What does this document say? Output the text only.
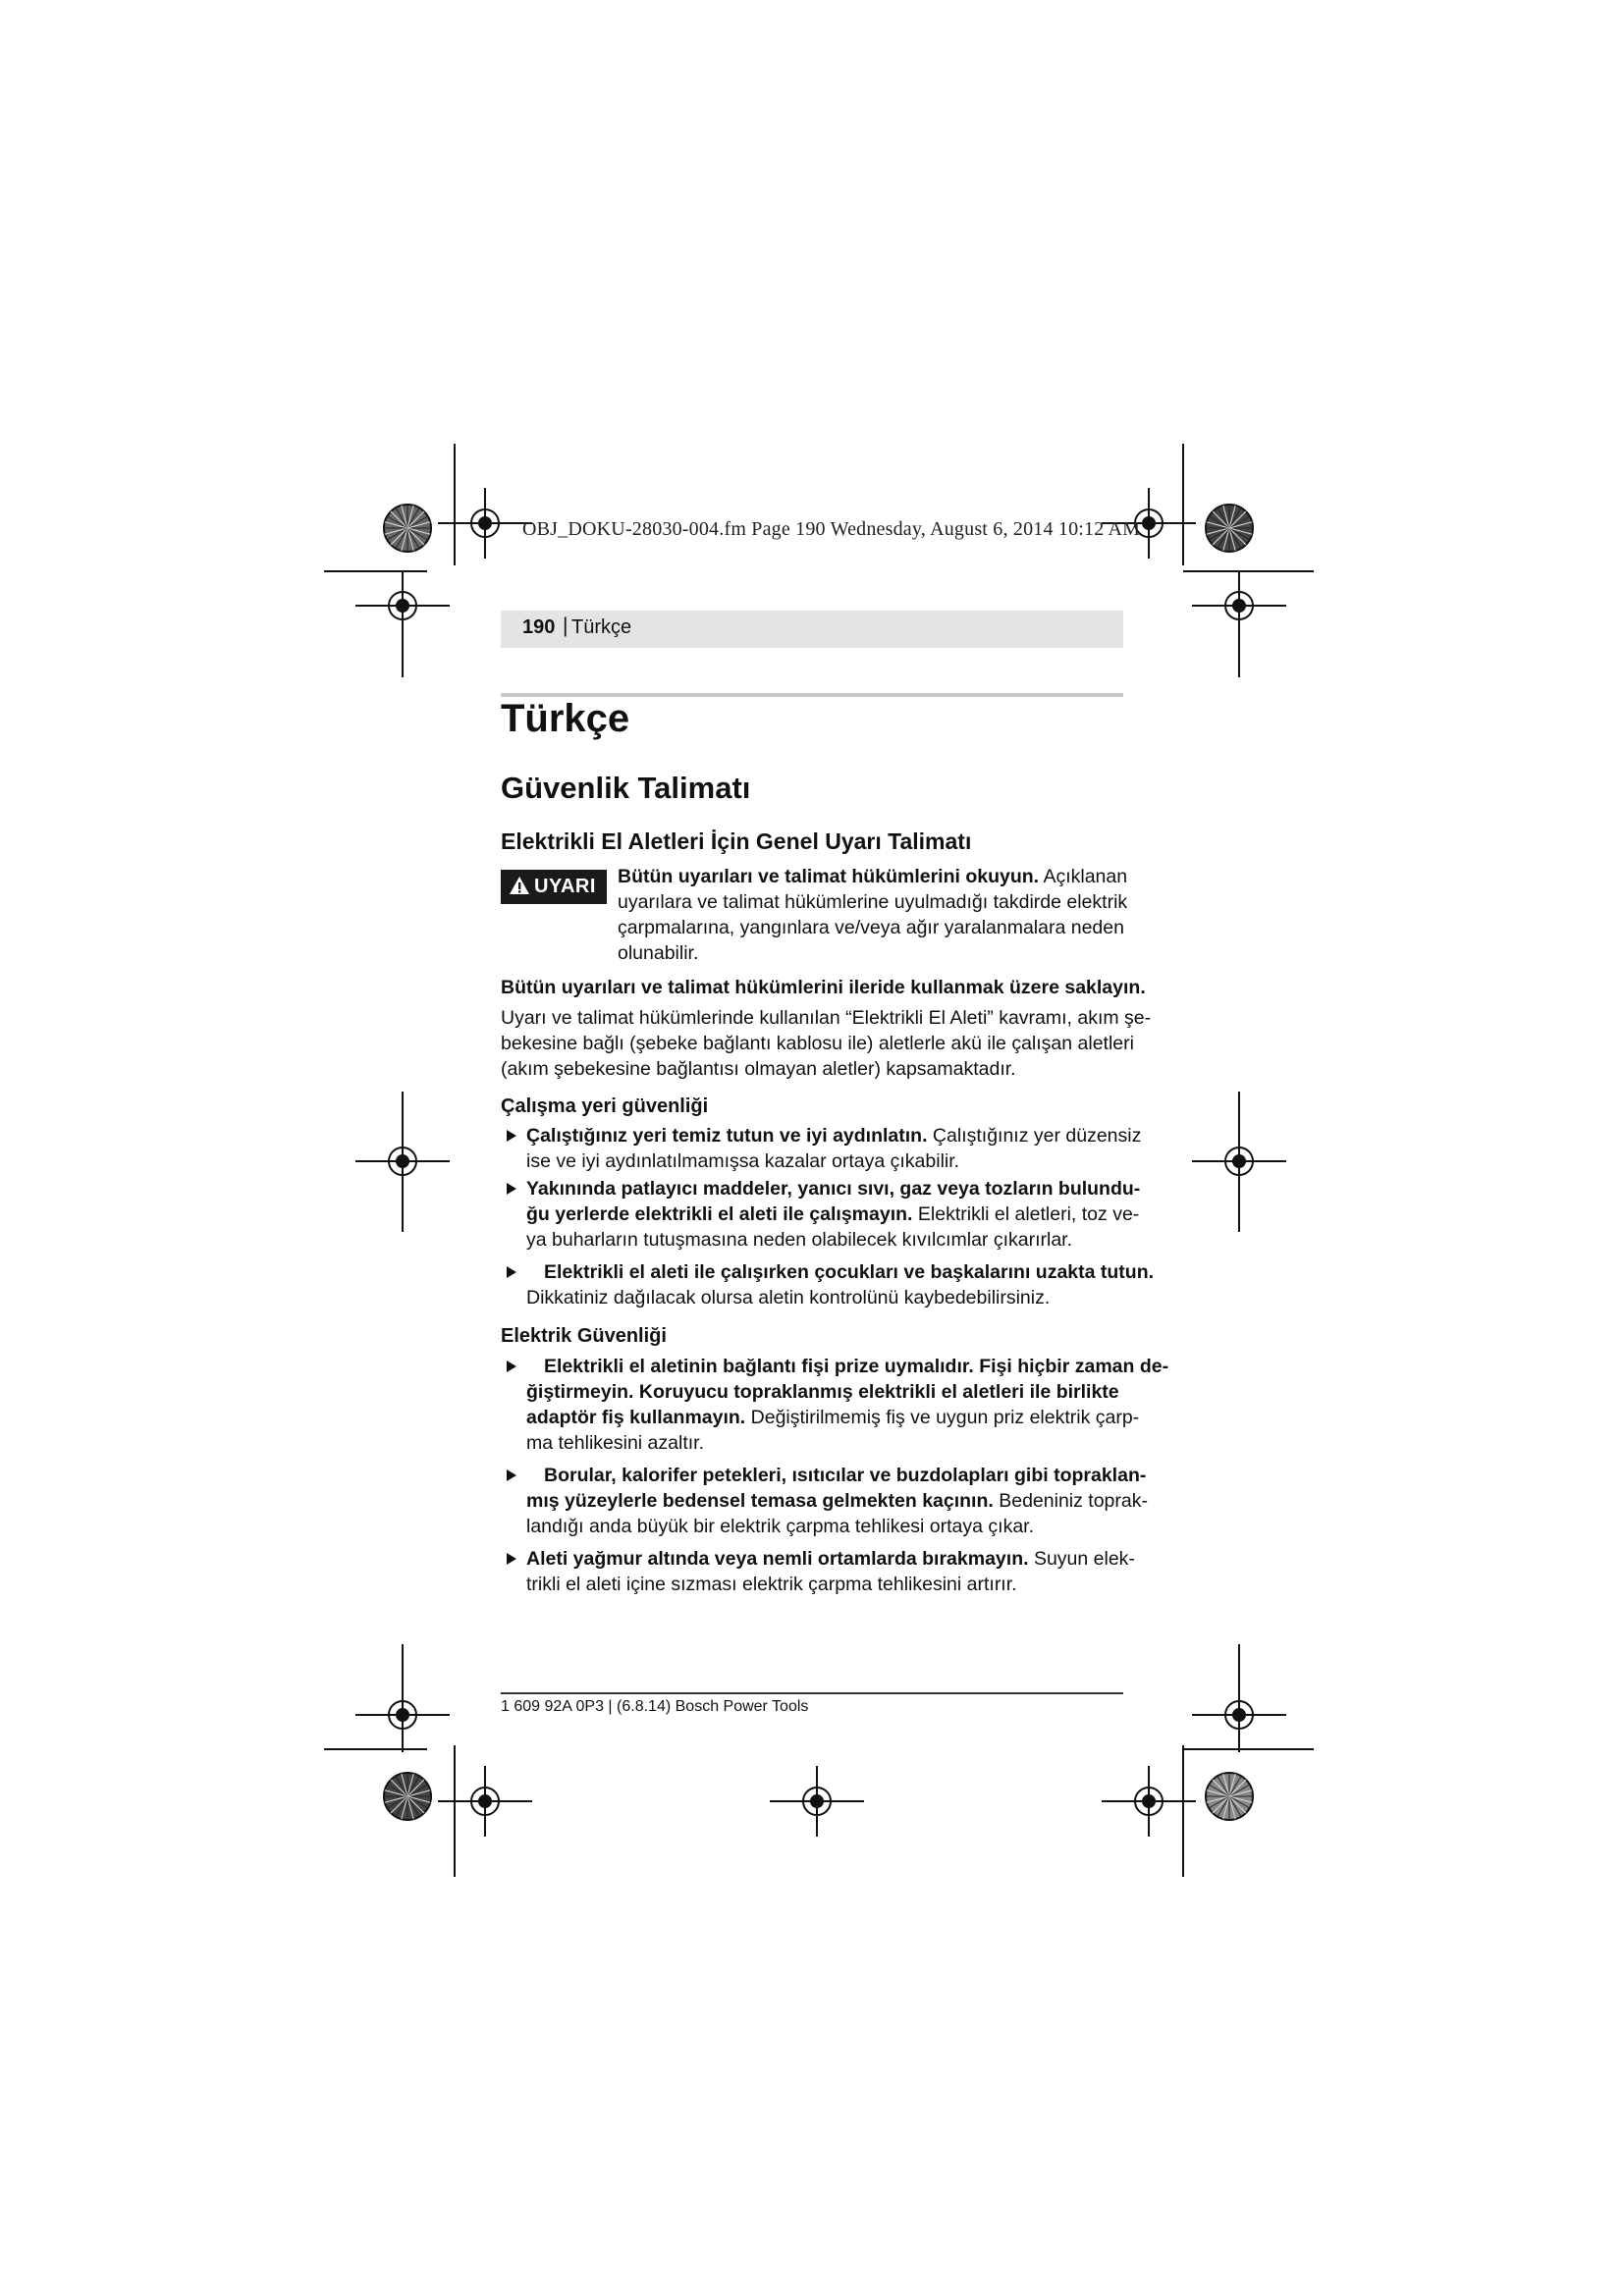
OBJ_DOKU-28030-004.fm Page 190 Wednesday, August 6, 2014 10:12 AM
190 | Türkçe
Türkçe
Güvenlik Talimatı
Elektrikli El Aletleri İçin Genel Uyarı Talimatı
UYARI Bütün uyarıları ve talimat hükümlerini okuyun. Açıklanan
uyarılara ve talimat hükümlerine uyulmadığı takdirde elektrik
çarpmalarına, yangınlara ve/veya ağır yaralanmalara neden
olunabilir.
Bütün uyarıları ve talimat hükümlerini ileride kullanmak üzere saklayın.
Uyarı ve talimat hükümlerinde kullanılan “Elektrikli El Aleti” kavramı, akım şe-
bekesine bağlı (şebeke bağlantı kablosu ile) aletlerle akü ile çalışan aletleri
(akım şebekesine bağlantısı olmayan aletler) kapsamaktadır.
Çalışma yeri güvenliği
Çalıştığınız yeri temiz tutun ve iyi aydınlatın. Çalıştığınız yer düzensiz
ise ve iyi aydınlatılmamışsa kazalar ortaya çıkabilir.
Yakınında patlayıcı maddeler, yanıcı sıvı, gaz veya tozların bulundu-
ğu yerlerde elektrikli el aleti ile çalışmayın. Elektrikli el aletleri, toz ve-
ya buharların tutuşmasına neden olabilecek kıvılcımlar çıkarırlar.
Elektrikli el aleti ile çalışırken çocukları ve başkalarını uzakta tutun.
Dikkatiniz dağılacak olursa aletin kontrolünü kaybedebilirsiniz.
Elektrik Güvenliği
Elektrikli el aletinin bağlantı fişi prize uymalıdır. Fişi hiçbir zaman de-
ğiştirmeyin. Koruyucu topraklanmış elektrikli el aletleri ile birlikte
adaptör fiş kullanmayın. Değiştirilmemiş fiş ve uygun priz elektrik çarp-
ma tehlikesini azaltır.
Borular, kalorifer petekleri, ısıtıcılar ve buzdolapları gibi topraklan-
mış yüzeylerle bedensel temasa gelmekten kaçının. Bedeniniz toprak-
landığı anda büyük bir elektrik çarpma tehlikesi ortaya çıkar.
Aleti yağmur altında veya nemli ortamlarda bırakmayın. Suyun elek-
trikli el aleti içine sızması elektrik çarpma tehlikesini artırır.
1 609 92A 0P3 | (6.8.14) Bosch Power Tools
